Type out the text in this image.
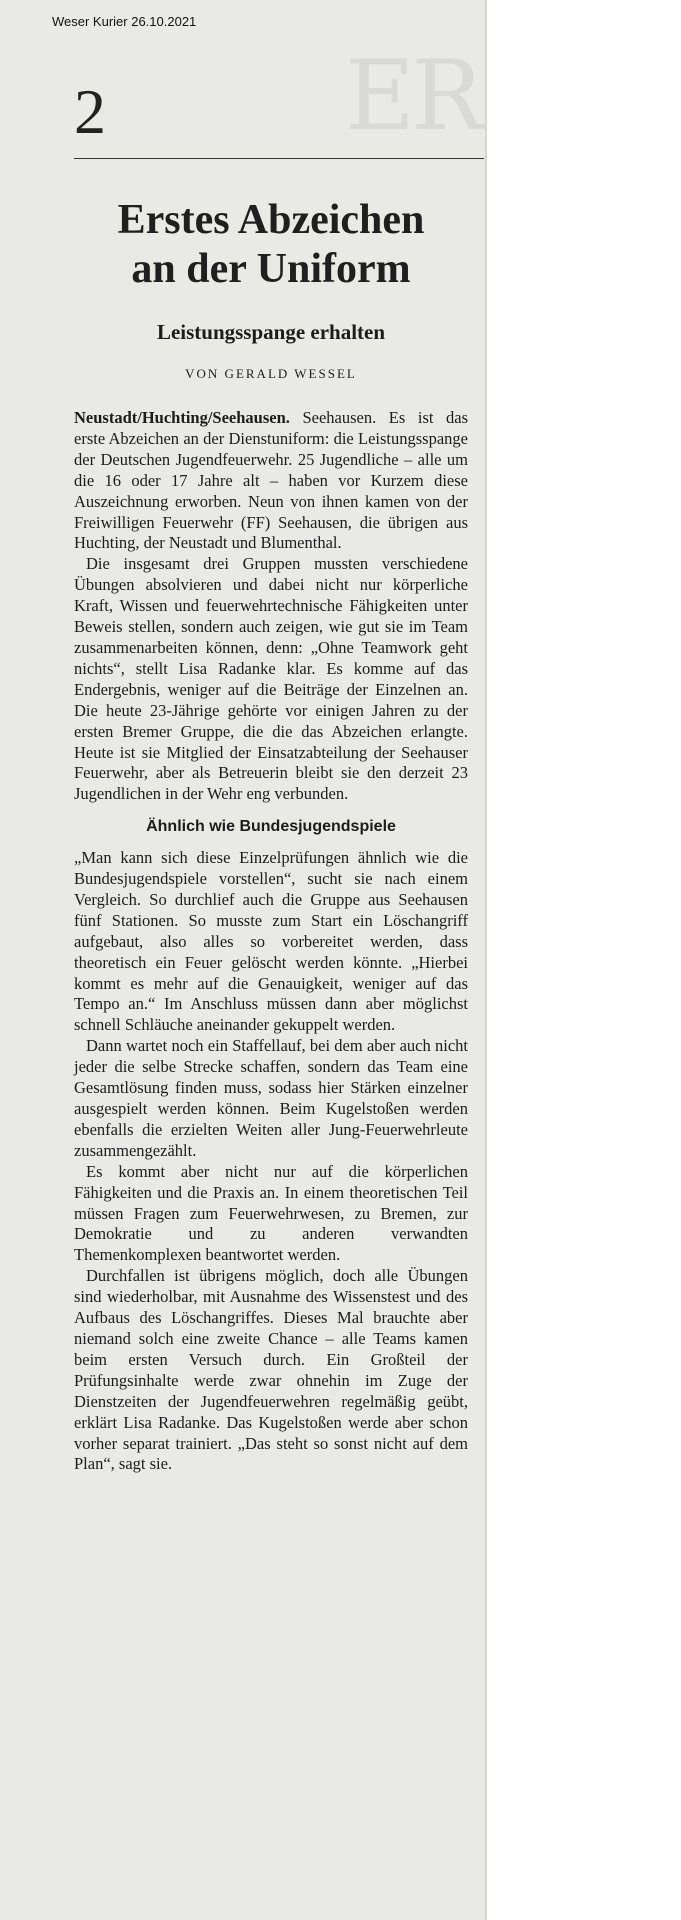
Weser Kurier 26.10.2021
ER
2
Erstes Abzeichen
an der Uniform
Leistungsspange erhalten
VON GERALD WESSEL

Neustadt/Huchting/Seehausen. Seehausen. Es ist das erste Abzeichen an der Dienstuniform: die Leistungsspange der Deutschen Jugendfeuerwehr. 25 Jugendliche – alle um die 16 oder 17 Jahre alt – haben vor Kurzem diese Auszeichnung erworben. Neun von ihnen kamen von der Freiwilligen Feuerwehr (FF) Seehausen, die übrigen aus Huchting, der Neustadt und Blumenthal.

Die insgesamt drei Gruppen mussten verschiedene Übungen absolvieren und dabei nicht nur körperliche Kraft, Wissen und feuerwehrtechnische Fähigkeiten unter Beweis stellen, sondern auch zeigen, wie gut sie im Team zusammenarbeiten können, denn: „Ohne Teamwork geht nichts“, stellt Lisa Radanke klar. Es komme auf das Endergebnis, weniger auf die Beiträge der Einzelnen an. Die heute 23-Jährige gehörte vor einigen Jahren zu der ersten Bremer Gruppe, die die das Abzeichen erlangte. Heute ist sie Mitglied der Einsatzabteilung der Seehauser Feuerwehr, aber als Betreuerin bleibt sie den derzeit 23 Jugendlichen in der Wehr eng verbunden.

Ähnlich wie Bundesjugendspiele

„Man kann sich diese Einzelprüfungen ähnlich wie die Bundesjugendspiele vorstellen“, sucht sie nach einem Vergleich. So durchlief auch die Gruppe aus Seehausen fünf Stationen. So musste zum Start ein Löschangriff aufgebaut, also alles so vorbereitet werden, dass theoretisch ein Feuer gelöscht werden könnte. „Hierbei kommt es mehr auf die Genauigkeit, weniger auf das Tempo an.“ Im Anschluss müssen dann aber möglichst schnell Schläuche aneinander gekuppelt werden.

Dann wartet noch ein Staffellauf, bei dem aber auch nicht jeder die selbe Strecke schaffen, sondern das Team eine Gesamtlösung finden muss, sodass hier Stärken einzelner ausgespielt werden können. Beim Kugelstoßen werden ebenfalls die erzielten Weiten aller Jung-Feuerwehrleute zusammengezählt.

Es kommt aber nicht nur auf die körperlichen Fähigkeiten und die Praxis an. In einem theoretischen Teil müssen Fragen zum Feuerwehrwesen, zu Bremen, zur Demokratie und zu anderen verwandten Themenkomplexen beantwortet werden.

Durchfallen ist übrigens möglich, doch alle Übungen sind wiederholbar, mit Ausnahme des Wissenstest und des Aufbaus des Löschangriffes. Dieses Mal brauchte aber niemand solch eine zweite Chance – alle Teams kamen beim ersten Versuch durch. Ein Großteil der Prüfungsinhalte werde zwar ohnehin im Zuge der Dienstzeiten der Jugendfeuerwehren regelmäßig geübt, erklärt Lisa Radanke. Das Kugelstoßen werde aber schon vorher separat trainiert. „Das steht so sonst nicht auf dem Plan“, sagt sie.
